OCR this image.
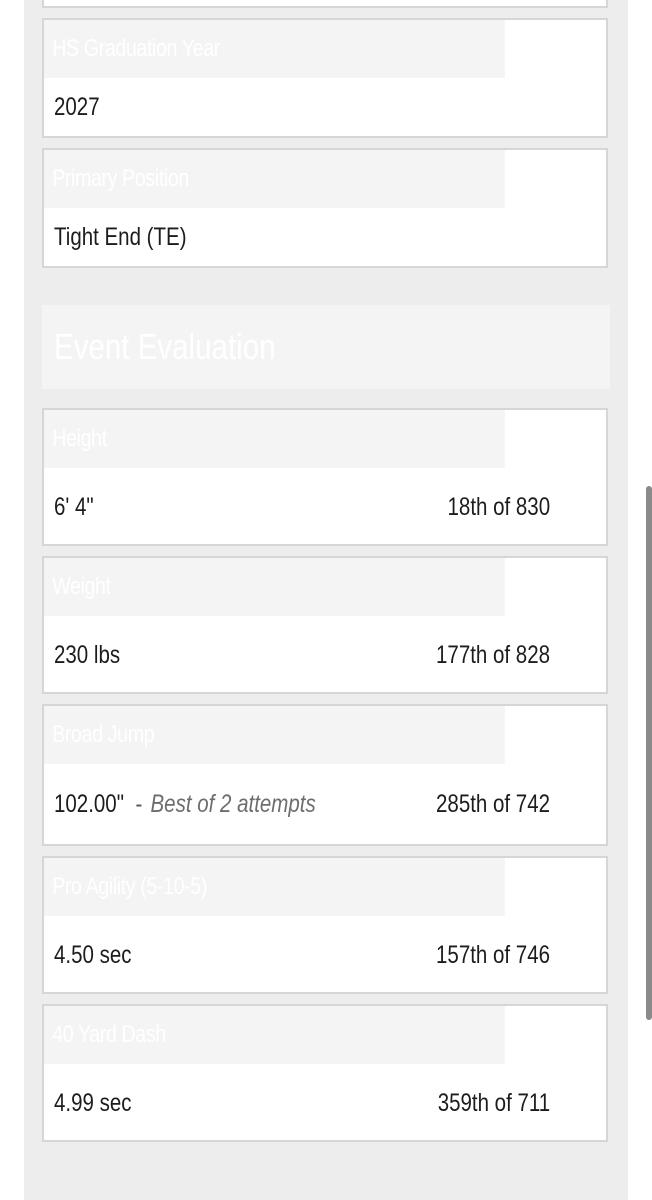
HS Graduation Year
2027
Primary Position
Tight End (TE)
Event Evaluation
Height
6' 4"	18th of 830
Weight
230 lbs	177th of 828
Broad Jump
102.00" - Best of 2 attempts	285th of 742
Pro Agility (5-10-5)
4.50 sec	157th of 746
40 Yard Dash
4.99 sec	359th of 711
